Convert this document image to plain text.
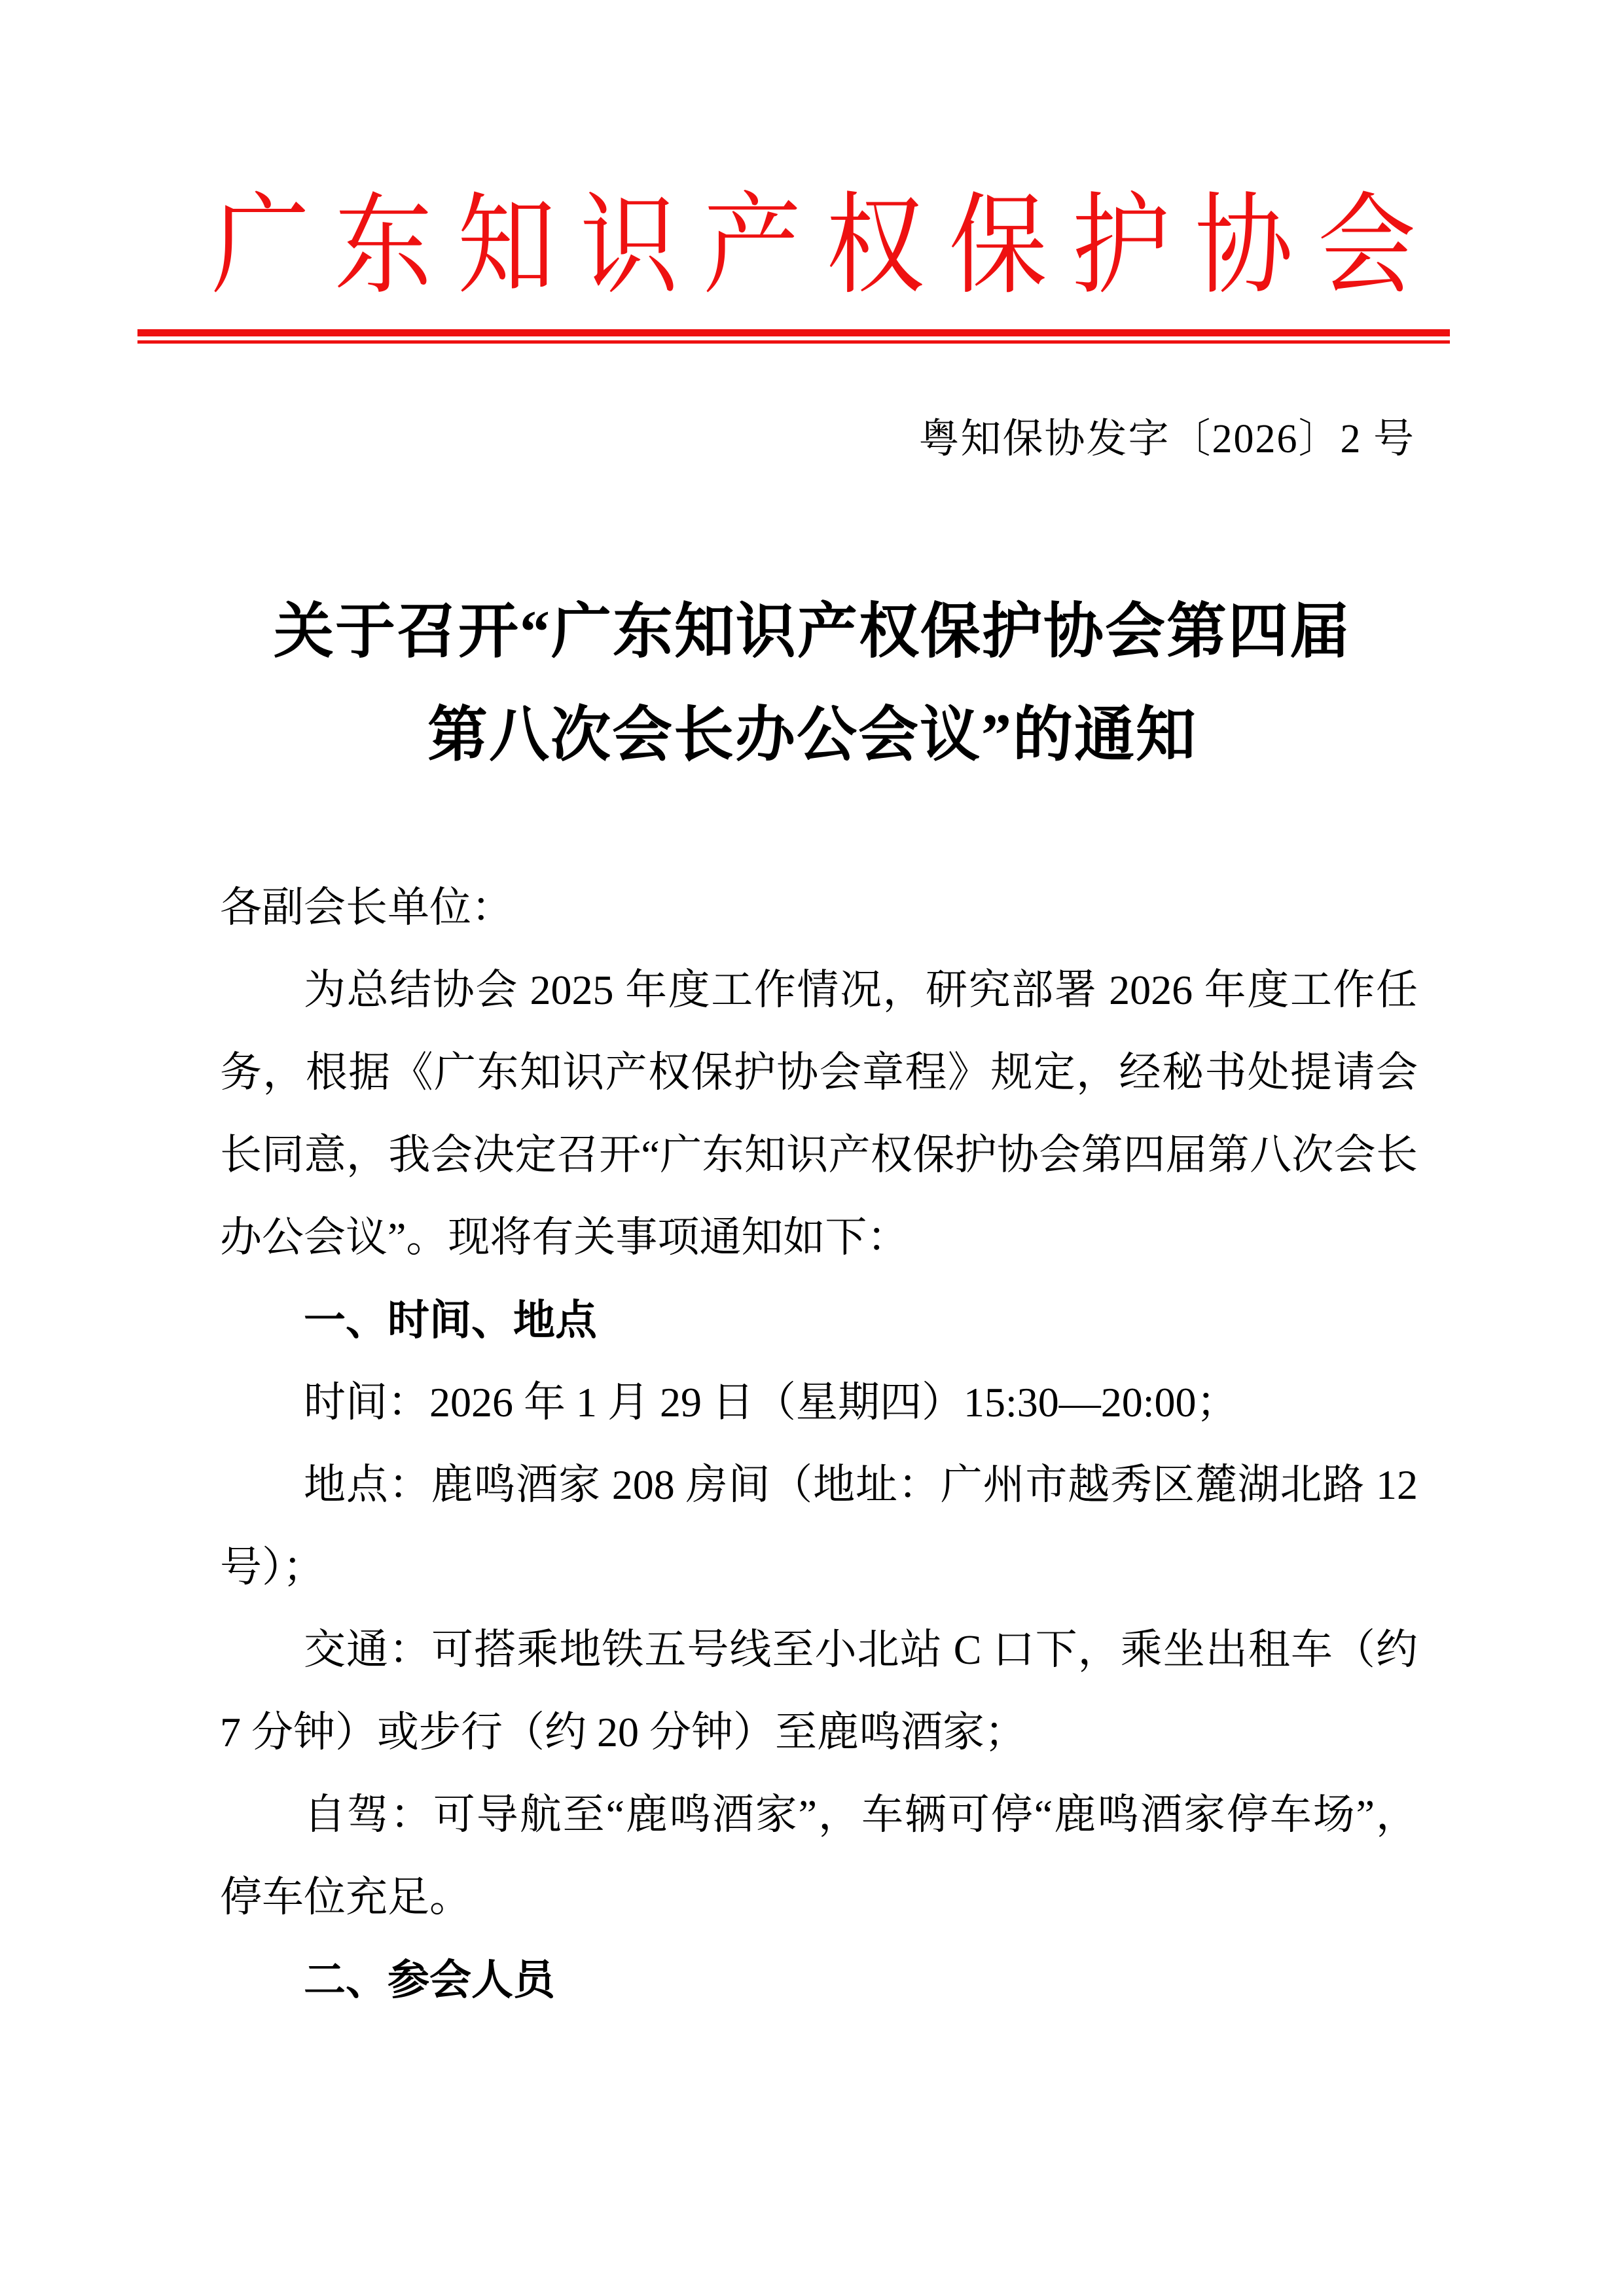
广东知识产权保护协会
粤知保协发字〔2026〕2 号
关于召开“广东知识产权保护协会第四届
第八次会长办公会议”的通知

各副会长单位：

为总结协会 2025 年度工作情况，研究部署 2026 年度工作任务，根据《广东知识产权保护协会章程》规定，经秘书处提请会长同意，我会决定召开“广东知识产权保护协会第四届第八次会长办公会议”。现将有关事项通知如下：

一、时间、地点

时间：2026 年 1 月 29 日（星期四）15:30—20:00；

地点：鹿鸣酒家 208 房间（地址：广州市越秀区麓湖北路 12 号）；

交通：可搭乘地铁五号线至小北站 C 口下，乘坐出租车（约 7 分钟）或步行（约 20 分钟）至鹿鸣酒家；

自驾：可导航至“鹿鸣酒家”，车辆可停“鹿鸣酒家停车场”，停车位充足。

二、参会人员
